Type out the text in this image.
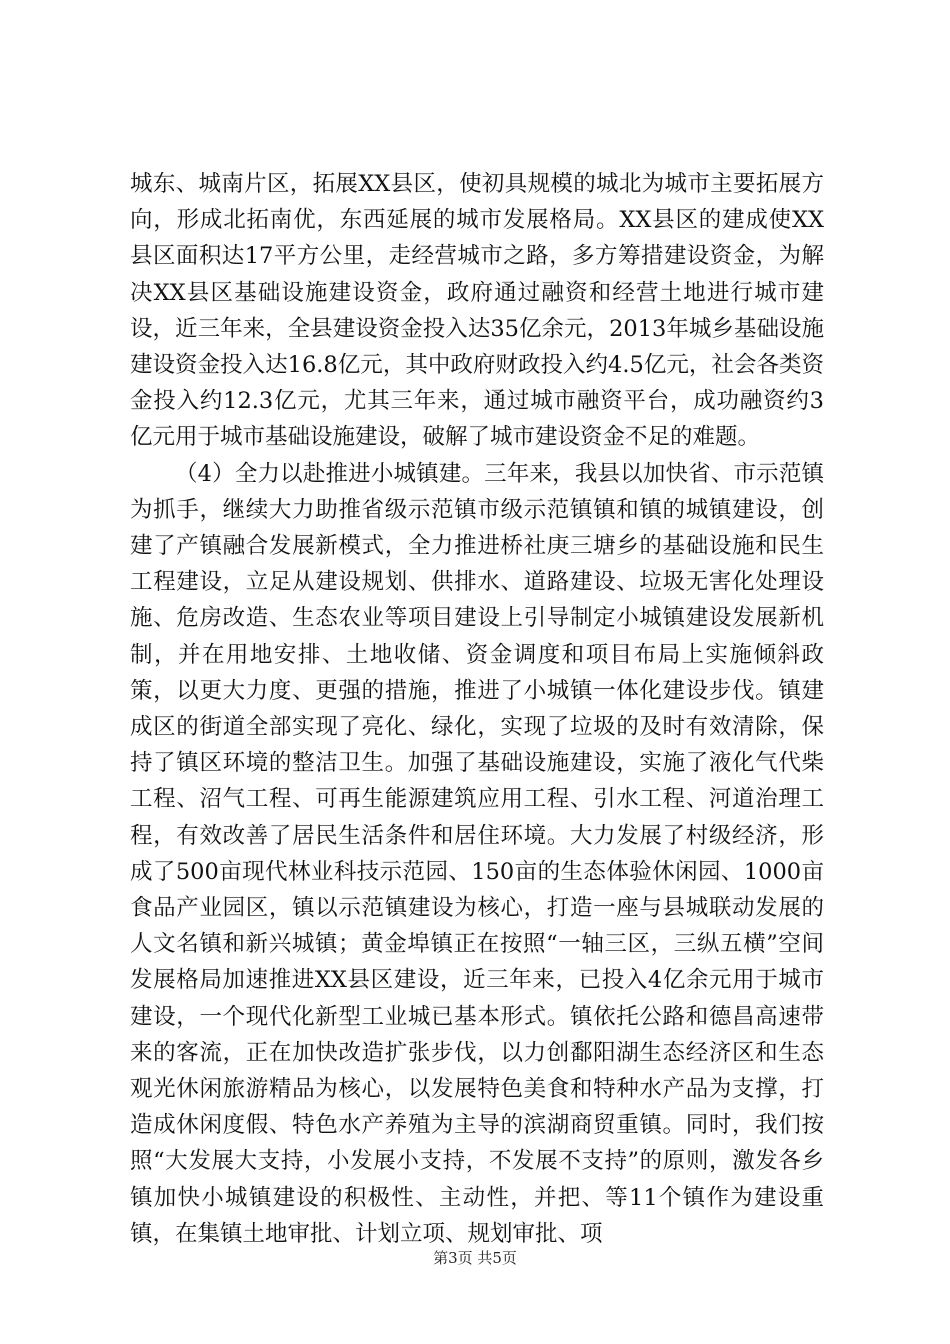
城东、城南片区，拓展XX县区，使初具规模的城北为城市主要拓展方向，形成北拓南优，东西延展的城市发展格局。XX县区的建成使XX县区面积达17平方公里，走经营城市之路，多方筹措建设资金，为解决XX县区基础设施建设资金，政府通过融资和经营土地进行城市建设，近三年来，全县建设资金投入达35亿余元，2013年城乡基础设施建设资金投入达16.8亿元，其中政府财政投入约4.5亿元，社会各类资金投入约12.3亿元，尤其三年来，通过城市融资平台，成功融资约3亿元用于城市基础设施建设，破解了城市建设资金不足的难题。

（4）全力以赴推进小城镇建。三年来，我县以加快省、市示范镇为抓手，继续大力助推省级示范镇市级示范镇镇和镇的城镇建设，创建了产镇融合发展新模式，全力推进桥社庚三塘乡的基础设施和民生工程建设，立足从建设规划、供排水、道路建设、垃圾无害化处理设施、危房改造、生态农业等项目建设上引导制定小城镇建设发展新机制，并在用地安排、土地收储、资金调度和项目布局上实施倾斜政策，以更大力度、更强的措施，推进了小城镇一体化建设步伐。镇建成区的街道全部实现了亮化、绿化，实现了垃圾的及时有效清除，保持了镇区环境的整洁卫生。加强了基础设施建设，实施了液化气代柴工程、沼气工程、可再生能源建筑应用工程、引水工程、河道治理工程，有效改善了居民生活条件和居住环境。大力发展了村级经济，形成了500亩现代林业科技示范园、150亩的生态体验休闲园、1000亩食品产业园区，镇以示范镇建设为核心，打造一座与县城联动发展的人文名镇和新兴城镇；黄金埠镇正在按照“一轴三区，三纵五横”空间发展格局加速推进XX县区建设，近三年来，已投入4亿余元用于城市建设，一个现代化新型工业城已基本形式。镇依托公路和德昌高速带来的客流，正在加快改造扩张步伐，以力创鄱阳湖生态经济区和生态观光休闲旅游精品为核心，以发展特色美食和特种水产品为支撑，打造成休闲度假、特色水产养殖为主导的滨湖商贸重镇。同时，我们按照“大发展大支持，小发展小支持，不发展不支持”的原则，激发各乡镇加快小城镇建设的积极性、主动性，并把、等11个镇作为建设重镇，在集镇土地审批、计划立项、规划审批、项

第3页 共5页
